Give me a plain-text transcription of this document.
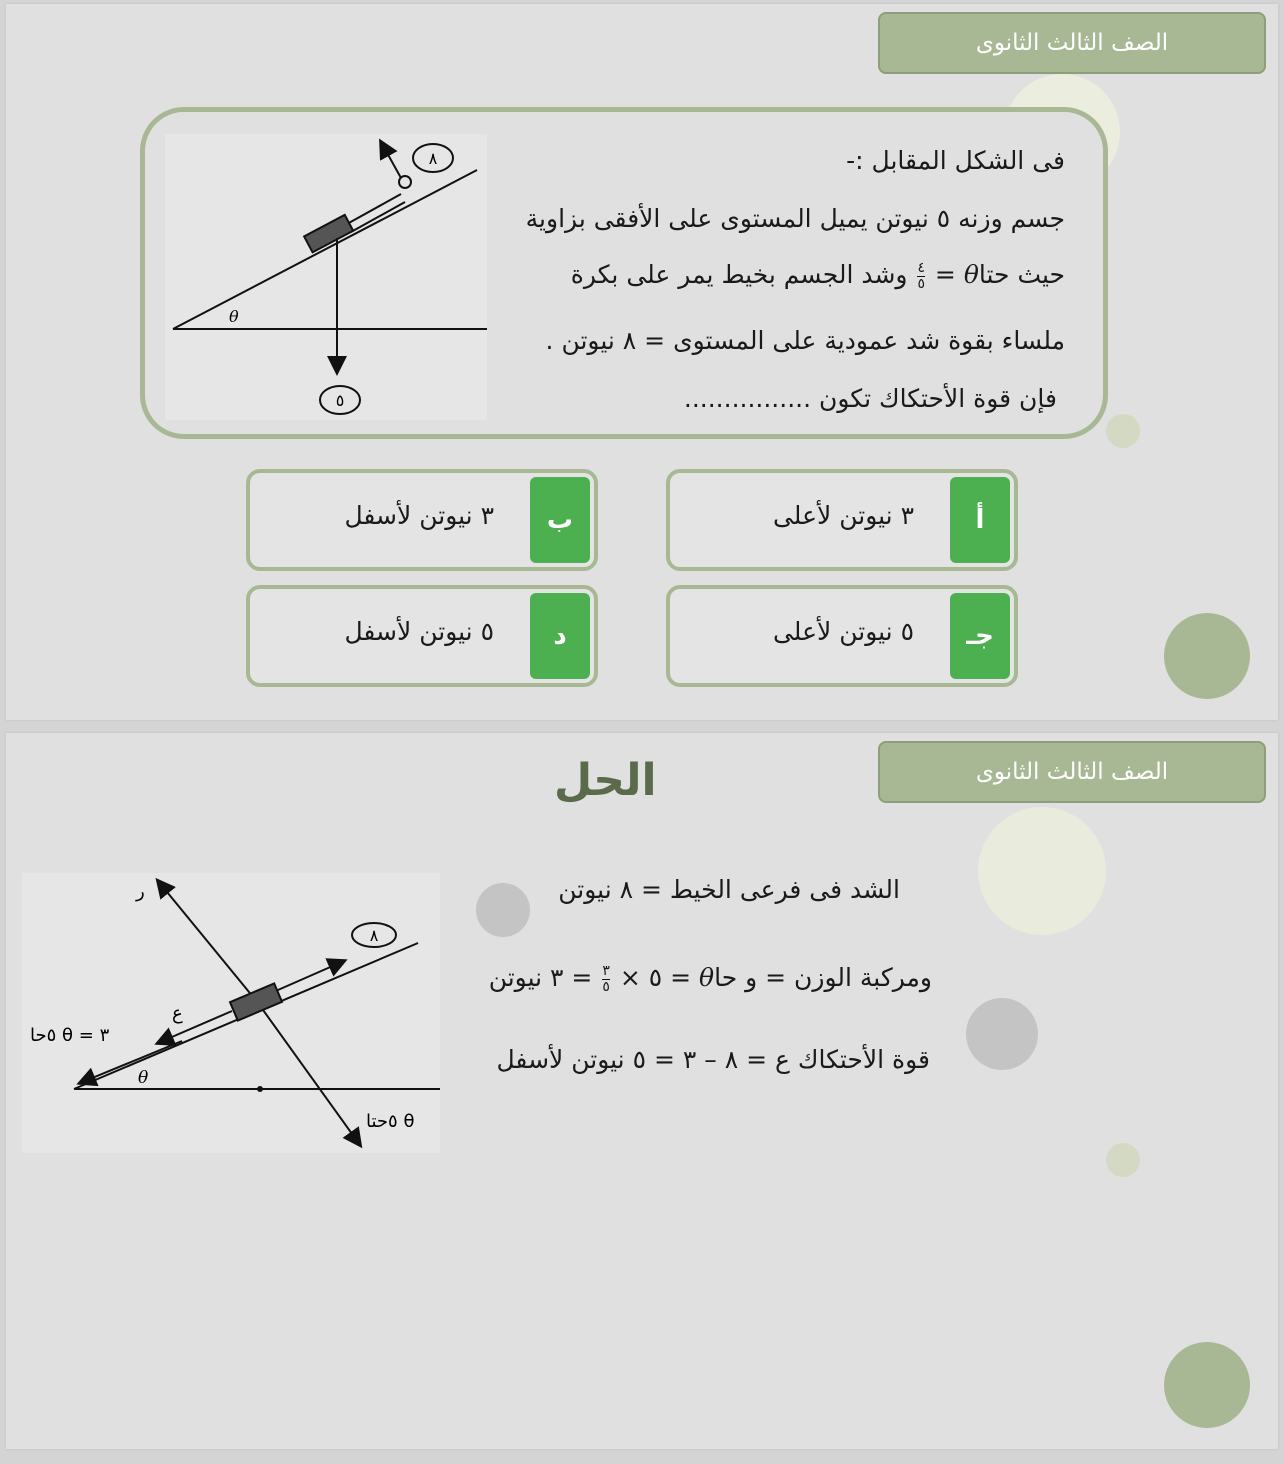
الصف الثالث الثانوى
٨
٥
θ
فى الشكل المقابل :-
جسم وزنه ٥ نيوتن يميل المستوى على الأفقى بزاوية
حيث حتاθ =
$\frac{٤}{٥}$
وشد الجسم بخيط يمر على بكرة
ملساء بقوة شد عمودية على المستوى = ٨ نيوتن .
فإن قوة الأحتكاك تكون ................
أ
٣ نيوتن لأعلى
ب
٣ نيوتن لأسفل
جـ
٥ نيوتن لأعلى
د
٥ نيوتن لأسفل
الصف الثالث الثانوى
الحل
٨
ر
ع
θ
٥حا θ = ٣
٥حتا θ
الشد فى فرعى الخيط = ٨ نيوتن
ومركبة الوزن = و حاθ = ٥ ×
$\frac{٣}{٥}$
= ٣ نيوتن
قوة الأحتكاك ع = ٨ – ٣ = ٥ نيوتن لأسفل
